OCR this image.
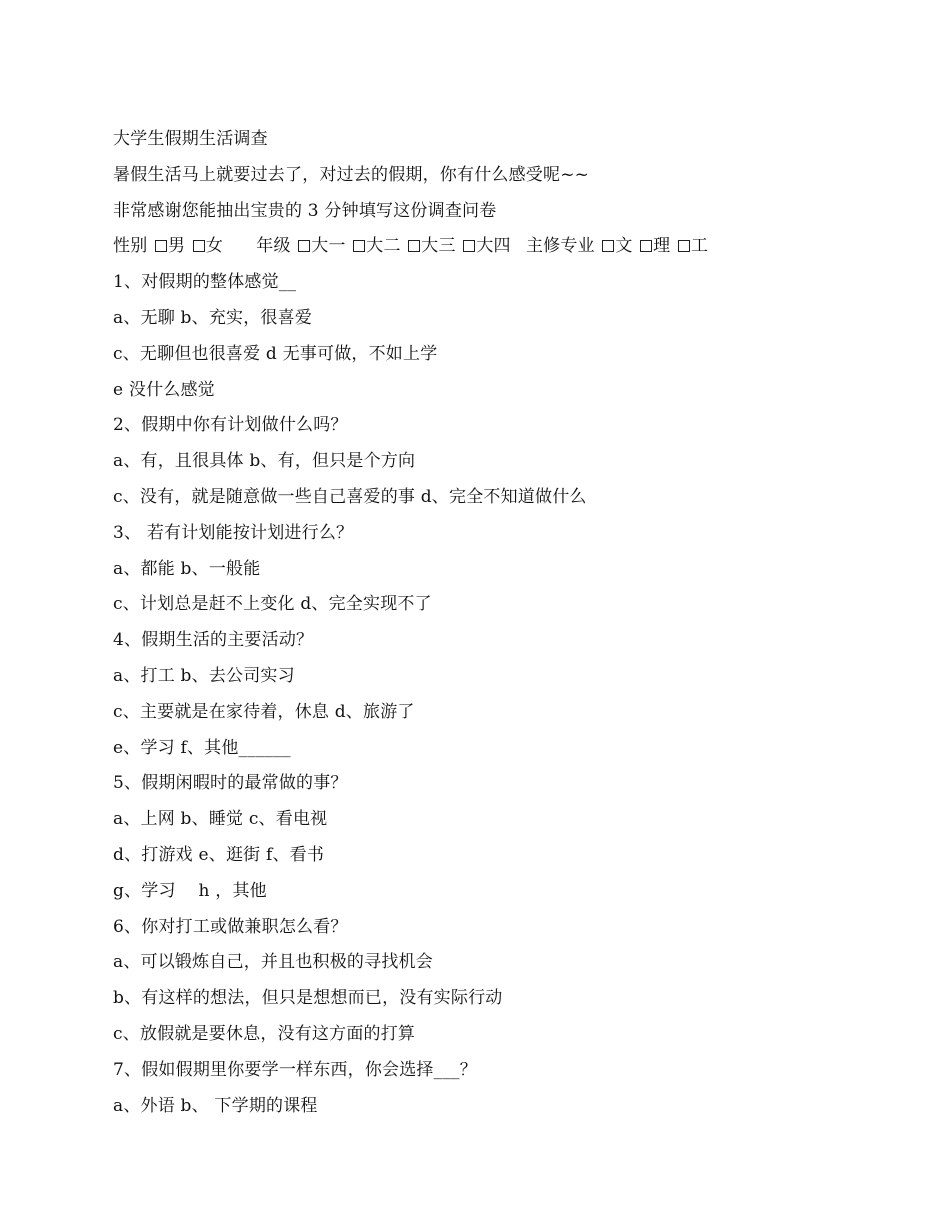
大学生假期生活调查
暑假生活马上就要过去了，对过去的假期，你有什么感受呢~~
非常感谢您能抽出宝贵的 3 分钟填写这份调查问卷
性别 男 女 年级 大一 大二 大三 大四 主修专业 文 理 工
1、对假期的整体感觉__
a、无聊 b、充实，很喜爱
c、无聊但也很喜爱 d 无事可做，不如上学
e 没什么感觉
2、假期中你有计划做什么吗？
a、有，且很具体 b、有，但只是个方向
c、没有，就是随意做一些自己喜爱的事 d、完全不知道做什么
3、 若有计划能按计划进行么？
a、都能 b、一般能
c、计划总是赶不上变化 d、完全实现不了
4、假期生活的主要活动？
a、打工 b、去公司实习
c、主要就是在家待着，休息 d、旅游了
e、学习 f、其他______
5、假期闲暇时的最常做的事？
a、上网 b、睡觉 c、看电视
d、打游戏 e、逛街 f、看书
g、学习　 h ，其他
6、你对打工或做兼职怎么看？
a、可以锻炼自己，并且也积极的寻找机会
b、有这样的想法，但只是想想而已，没有实际行动
c、放假就是要休息，没有这方面的打算
7、假如假期里你要学一样东西，你会选择___？
a、外语 b、 下学期的课程
